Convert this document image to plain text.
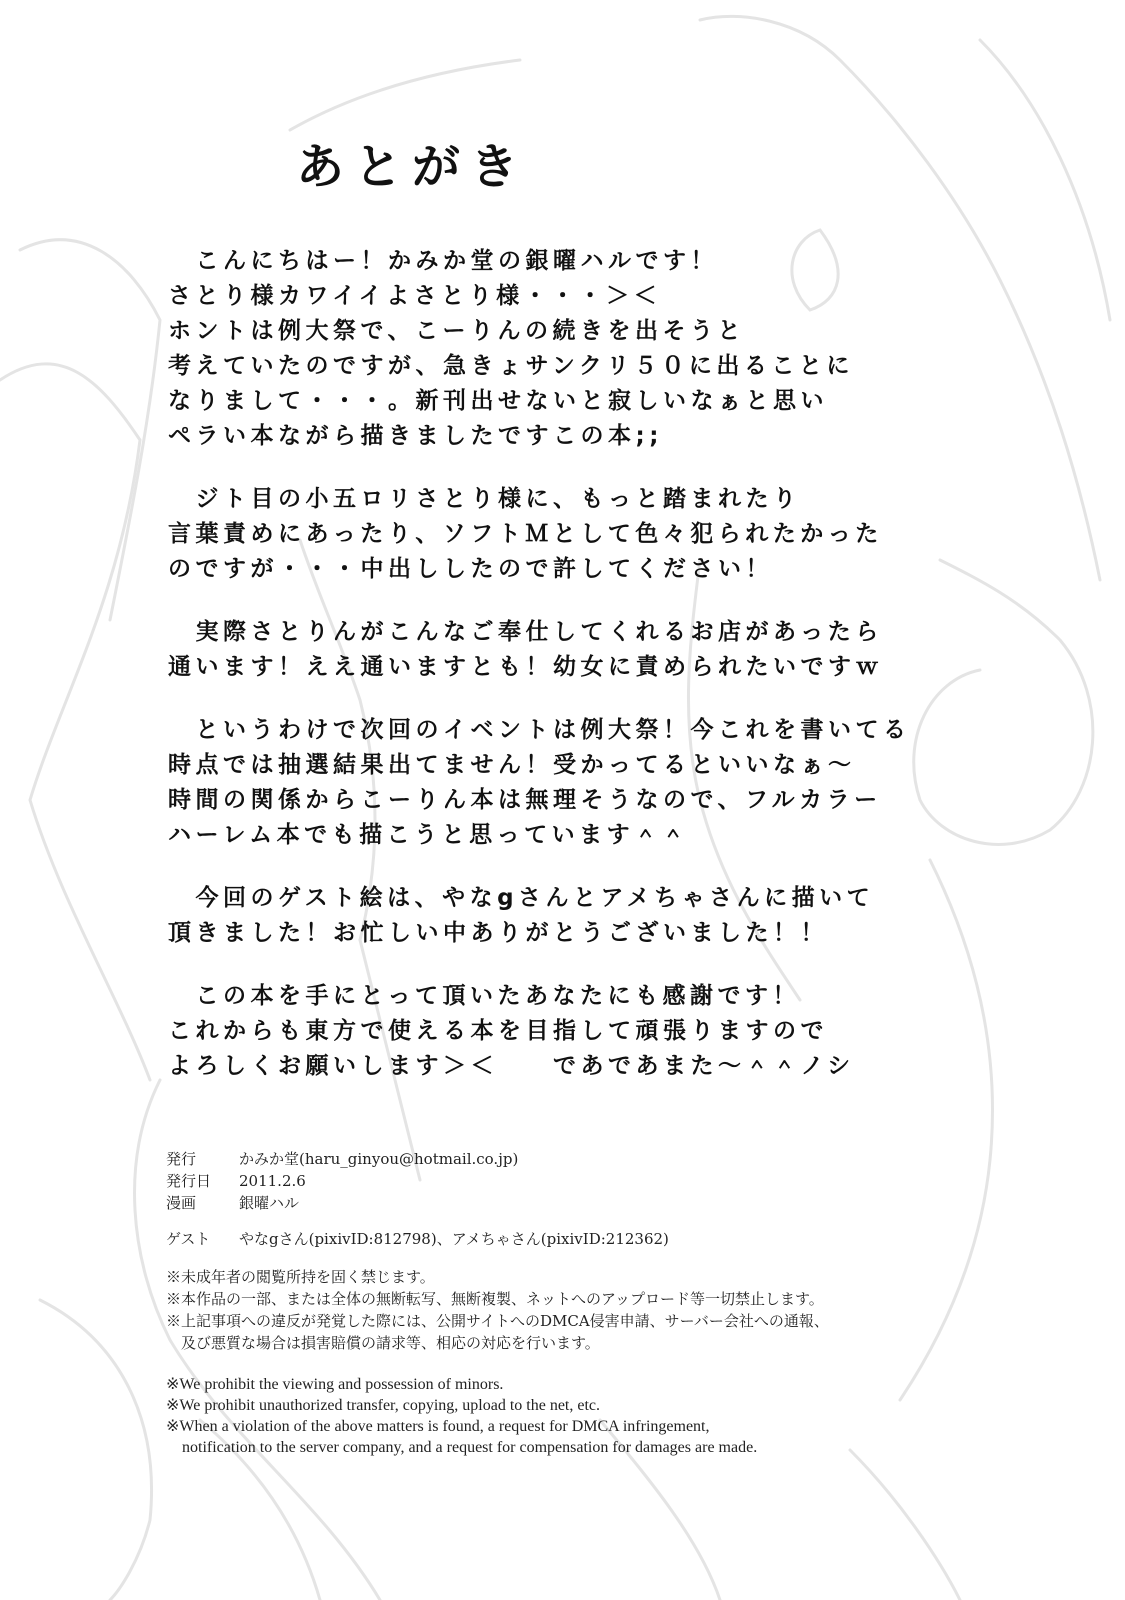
あとがき
　こんにちはー！かみか堂の銀曜ハルです！
さとり様カワイイよさとり様・・・＞＜
ホントは例大祭で、こーりんの続きを出そうと
考えていたのですが、急きょサンクリ５０に出ることに
なりまして・・・。新刊出せないと寂しいなぁと思い
ペラい本ながら描きましたですこの本;;
　ジト目の小五ロリさとり様に、もっと踏まれたり
言葉責めにあったり、ソフトＭとして色々犯られたかった
のですが・・・中出ししたので許してください！
　実際さとりんがこんなご奉仕してくれるお店があったら
通います！ええ通いますとも！幼女に責められたいですｗ
　というわけで次回のイベントは例大祭！今これを書いてる
時点では抽選結果出てません！受かってるといいなぁ～
時間の関係からこーりん本は無理そうなので、フルカラー
ハーレム本でも描こうと思っています＾＾
　今回のゲスト絵は、やなgさんとアメちゃさんに描いて
頂きました！お忙しい中ありがとうございました！！
　この本を手にとって頂いたあなたにも感謝です！
これからも東方で使える本を目指して頑張りますので
よろしくお願いします＞＜　　であであまた～＾＾ノシ
発行	かみか堂(haru_ginyou@hotmail.co.jp)
発行日	2011.2.6
漫画	銀曜ハル
ゲスト	やなgさん(pixivID:812798)、アメちゃさん(pixivID:212362)
※未成年者の閲覧所持を固く禁じます。
※本作品の一部、または全体の無断転写、無断複製、ネットへのアップロード等一切禁止します。
※上記事項への違反が発覚した際には、公開サイトへのDMCA侵害申請、サーバー会社への通報、
　及び悪質な場合は損害賠償の請求等、相応の対応を行います。
※We prohibit the viewing and possession of minors.
※We prohibit unauthorized transfer, copying, upload to the net, etc.
※When a violation of the above matters is found, a request for DMCA infringement,
　notification to the server company, and a request for compensation for damages are made.
